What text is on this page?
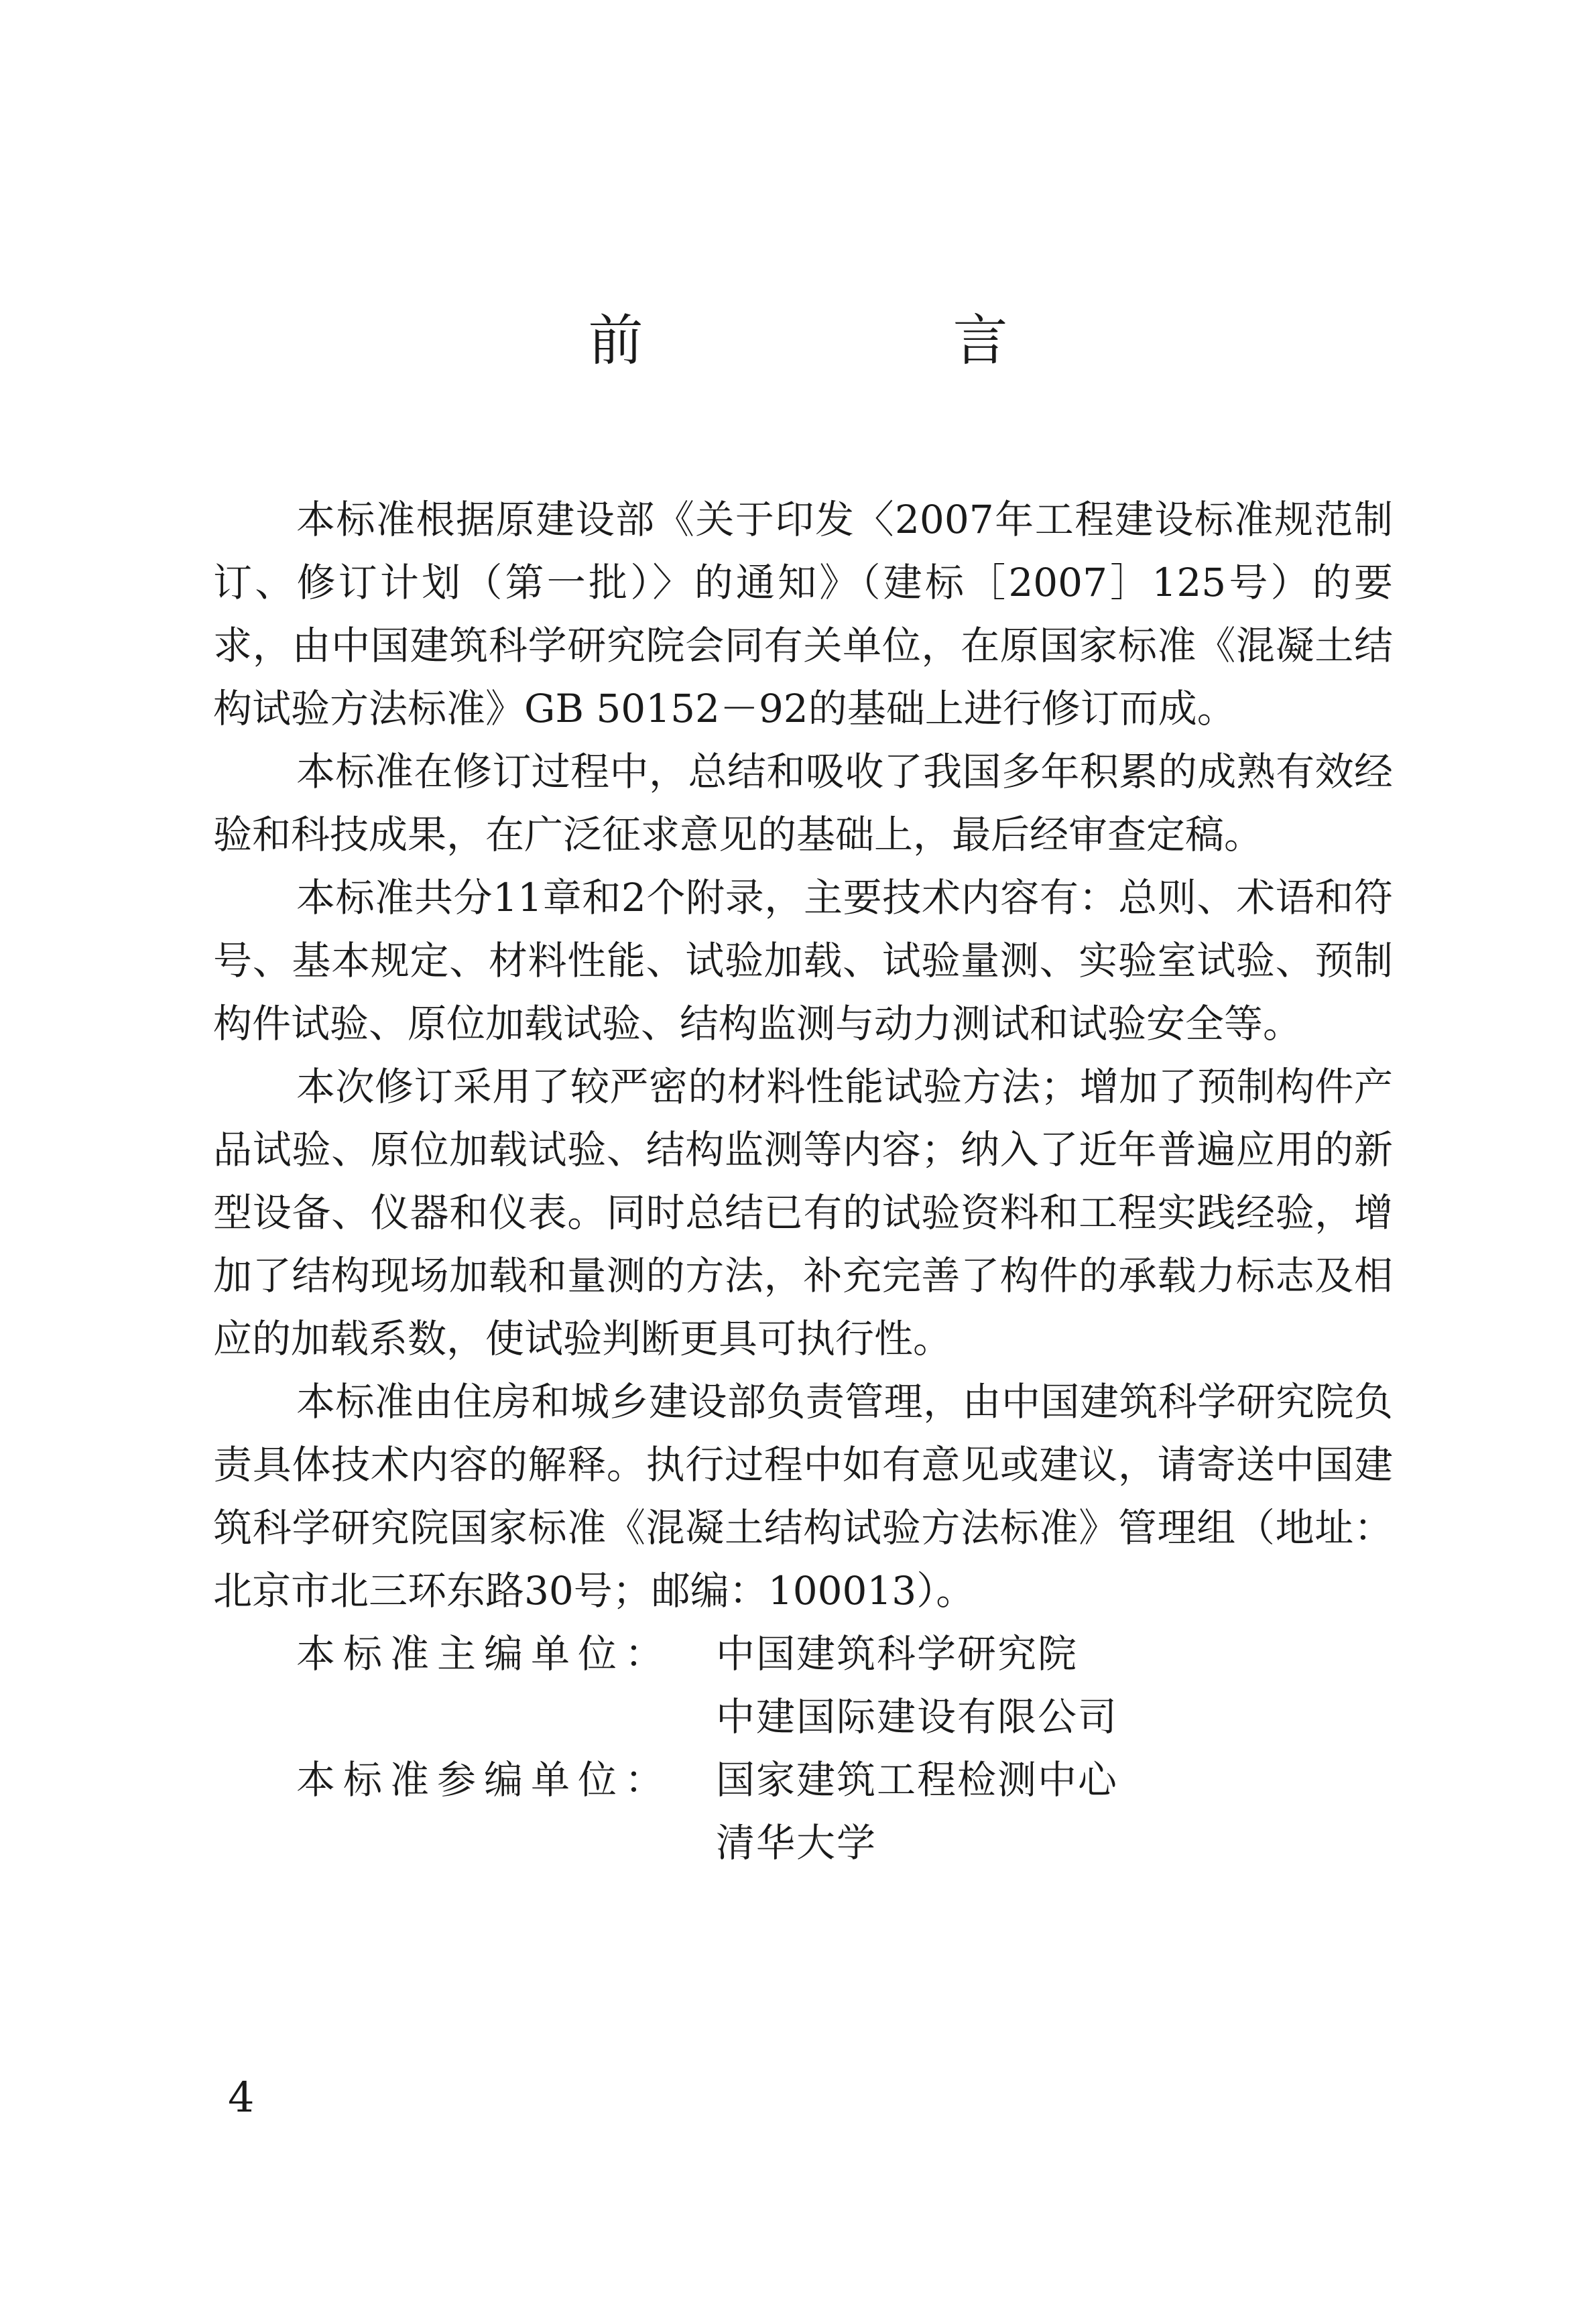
前　言

本标准根据原建设部《关于印发〈2007年工程建设标准规范制订、修订计划（第一批）〉的通知》（建标［2007］125号）的要求，由中国建筑科学研究院会同有关单位，在原国家标准《混凝土结构试验方法标准》GB 50152－92的基础上进行修订而成。

本标准在修订过程中，总结和吸收了我国多年积累的成熟有效经验和科技成果，在广泛征求意见的基础上，最后经审查定稿。

本标准共分11章和2个附录，主要技术内容有：总则、术语和符号、基本规定、材料性能、试验加载、试验量测、实验室试验、预制构件试验、原位加载试验、结构监测与动力测试和试验安全等。

本次修订采用了较严密的材料性能试验方法；增加了预制构件产品试验、原位加载试验、结构监测等内容；纳入了近年普遍应用的新型设备、仪器和仪表。同时总结已有的试验资料和工程实践经验，增加了结构现场加载和量测的方法，补充完善了构件的承载力标志及相应的加载系数，使试验判断更具可执行性。

本标准由住房和城乡建设部负责管理，由中国建筑科学研究院负责具体技术内容的解释。执行过程中如有意见或建议，请寄送中国建筑科学研究院国家标准《混凝土结构试验方法标准》管理组（地址：北京市北三环东路30号；邮编：100013）。

本标准主编单位：	中国建筑科学研究院
中建国际建设有限公司
本标准参编单位：	国家建筑工程检测中心
清华大学
4
